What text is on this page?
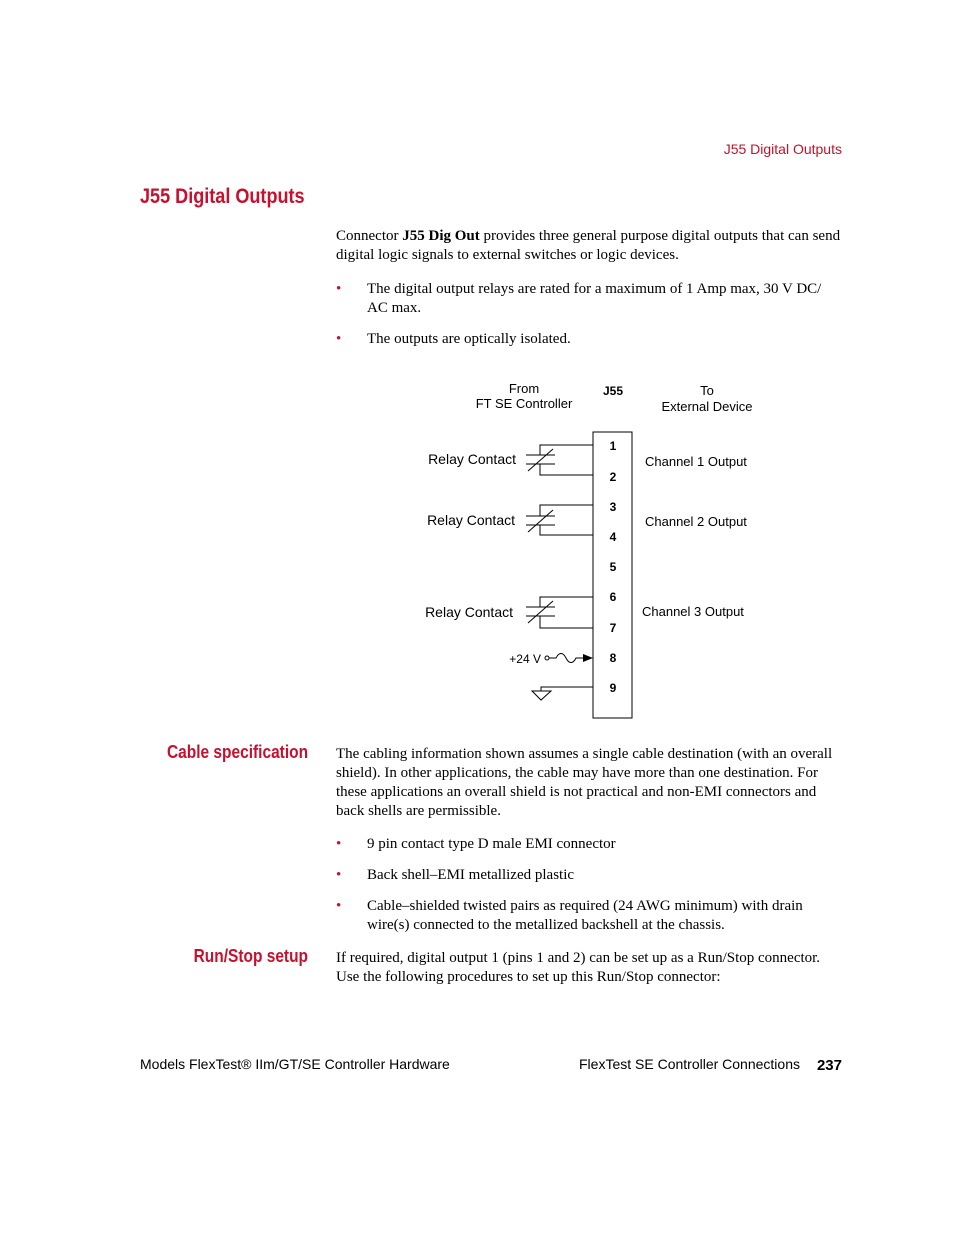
J55 Digital Outputs
J55 Digital Outputs

Connector J55 Dig Out provides three general purpose digital outputs that can send digital logic signals to external switches or logic devices.

• The digital output relays are rated for a maximum of 1 Amp max, 30 V DC/ AC max.
• The outputs are optically isolated.
From
FT SE Controller
J55	To
External Device
1
2
3
4
5
6
7
8
9
Relay Contact	Channel 1 Output
Relay Contact	Channel 2 Output
Relay Contact	Channel 3 Output
+24 V
Cable specification The cabling information shown assumes a single cable destination (with an overall shield). In other applications, the cable may have more than one destination. For these applications an overall shield is not practical and non-EMI connectors and back shells are permissible.

• 9 pin contact type D male EMI connector
• Back shell–EMI metallized plastic
• Cable–shielded twisted pairs as required (24 AWG minimum) with drain wire(s) connected to the metallized backshell at the chassis.
Run/Stop setup If required, digital output 1 (pins 1 and 2) can be set up as a Run/Stop connector. Use the following procedures to set up this Run/Stop connector:

Models FlexTest® IIm/GT/SE Controller Hardware	FlexTest SE Controller Connections 237
